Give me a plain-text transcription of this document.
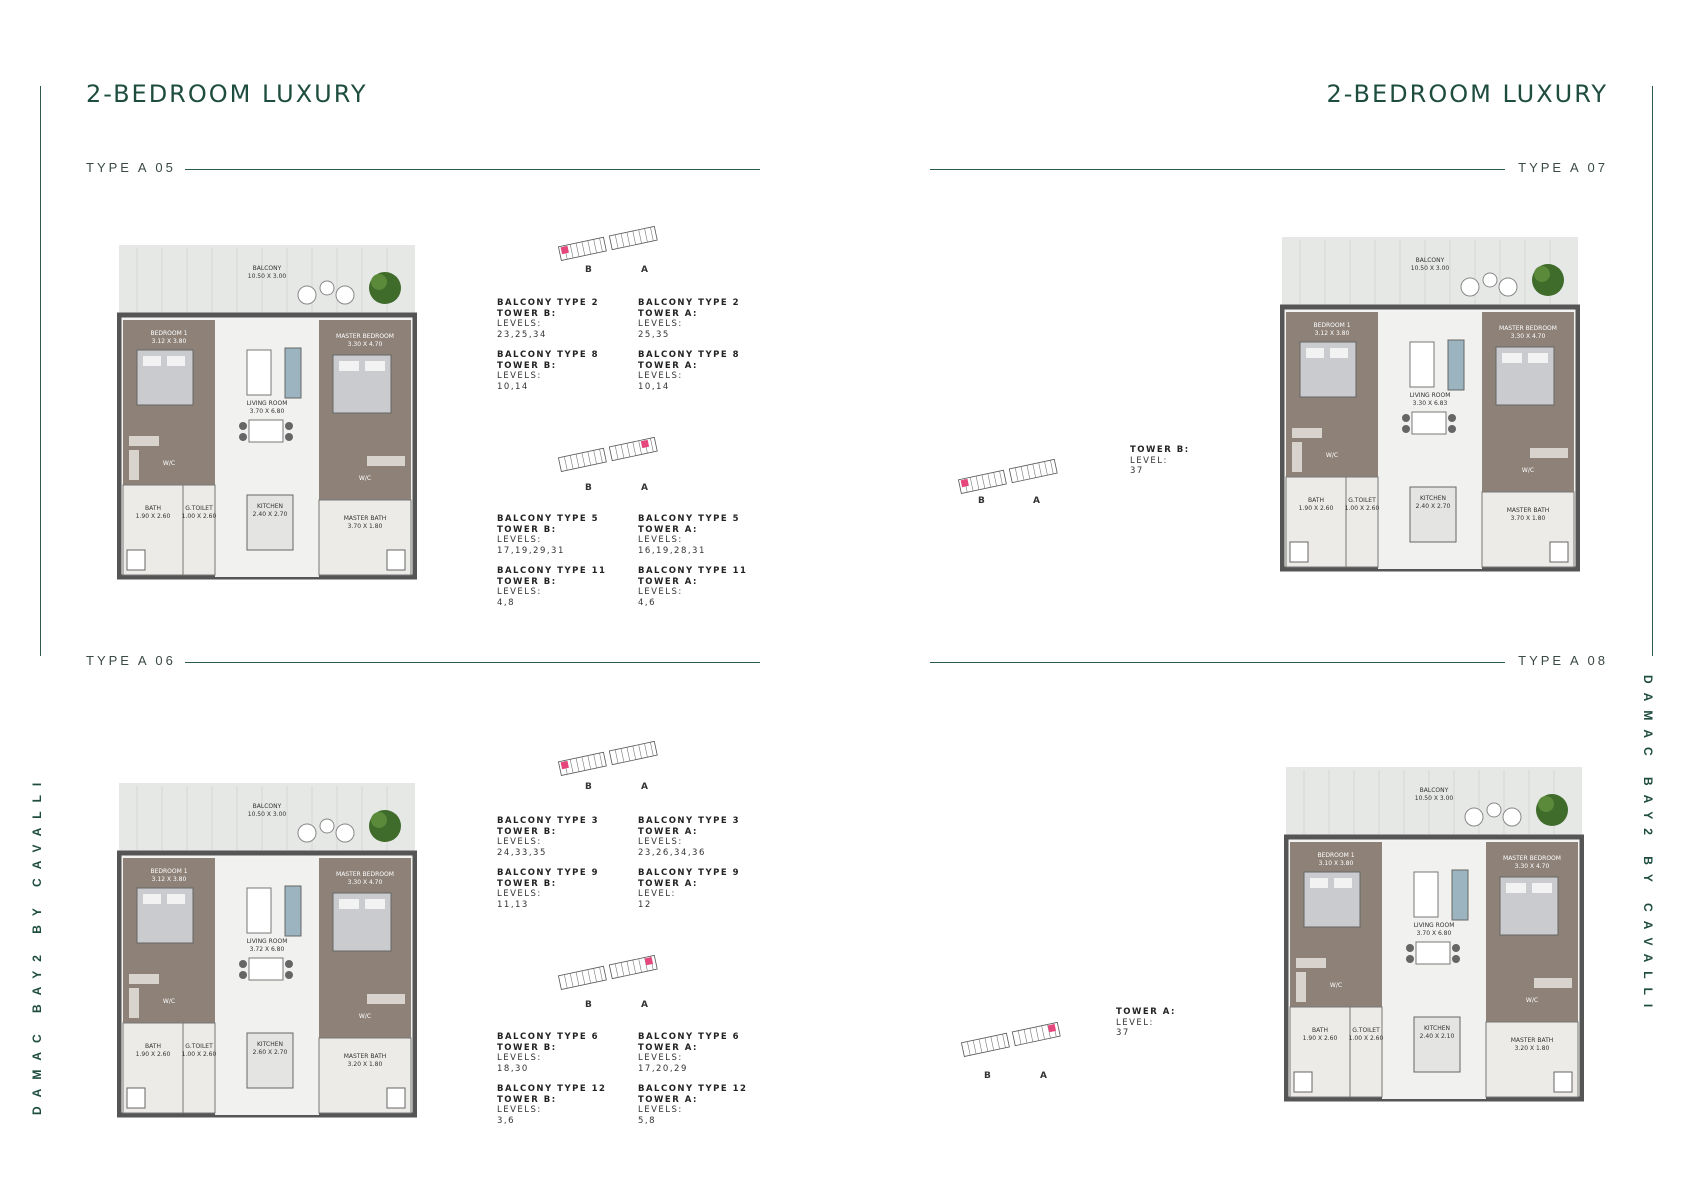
2-BEDROOM LUXURY	2-BEDROOM LUXURY
DAMAC BAY2 BY CAVALLI	DAMAC BAY2 BY CAVALLI
TYPE A 05	TYPE A 07
TYPE A 06	TYPE A 08
BALCONY
10.50 X 3.00
BEDROOM 1
3.12 X 3.80
LIVING ROOM
3.70 X 6.80
MASTER BEDROOM
3.30 X 4.70
W/C
W/C
BATH
1.90 X 2.60
G.TOILET
1.00 X 2.60
KITCHEN
2.40 X 2.70
MASTER BATH
3.70 X 1.80
BALCONY
10.50 X 3.00
BEDROOM 1
3.12 X 3.80
LIVING ROOM
3.30 X 6.83
MASTER BEDROOM
3.30 X 4.70
W/C
W/C
BATH
1.90 X 2.60
G.TOILET
1.00 X 2.60
KITCHEN
2.40 X 2.70
MASTER BATH
3.70 X 1.80
BALCONY
10.50 X 3.00
BEDROOM 1
3.12 X 3.80
LIVING ROOM
3.72 X 6.80
MASTER BEDROOM
3.30 X 4.70
W/C
W/C
BATH
1.90 X 2.60
G.TOILET
1.00 X 2.60
KITCHEN
2.60 X 2.70
MASTER BATH
3.20 X 1.80
BALCONY
10.50 X 3.00
BEDROOM 1
3.10 X 3.80
LIVING ROOM
3.70 X 6.80
MASTER BEDROOM
3.30 X 4.70
W/C
W/C
BATH
1.90 X 2.60
G.TOILET
1.00 X 2.60
KITCHEN
2.40 X 2.10
MASTER BATH
3.20 X 1.80
B	A
B	A
B	A
B	A
B	A
B	A
BALCONY TYPE 2
TOWER B:
LEVELS:
23,25,34
BALCONY TYPE 2
TOWER A:
LEVELS:
25,35
BALCONY TYPE 8
TOWER B:
LEVELS:
10,14
BALCONY TYPE 8
TOWER A:
LEVELS:
10,14
BALCONY TYPE 5
TOWER B:
LEVELS:
17,19,29,31
BALCONY TYPE 5
TOWER A:
LEVELS:
16,19,28,31
BALCONY TYPE 11
TOWER B:
LEVELS:
4,8
BALCONY TYPE 11
TOWER A:
LEVELS:
4,6
BALCONY TYPE 3
TOWER B:
LEVELS:
24,33,35
BALCONY TYPE 3
TOWER A:
LEVELS:
23,26,34,36
BALCONY TYPE 9
TOWER B:
LEVELS:
11,13
BALCONY TYPE 9
TOWER A:
LEVEL:
12
BALCONY TYPE 6
TOWER B:
LEVELS:
18,30
BALCONY TYPE 6
TOWER A:
LEVELS:
17,20,29
BALCONY TYPE 12
TOWER B:
LEVELS:
3,6
BALCONY TYPE 12
TOWER A:
LEVELS:
5,8
TOWER B:
LEVEL:
37
TOWER A:
LEVEL:
37
